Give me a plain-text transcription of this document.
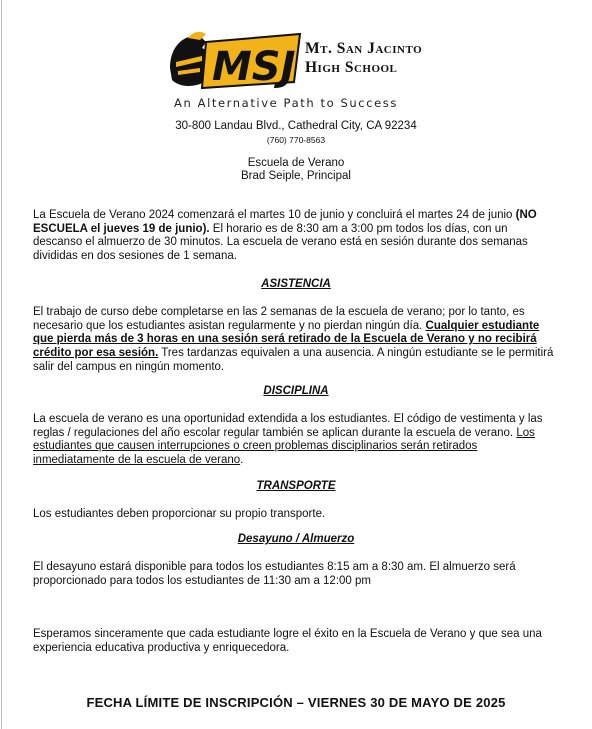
MSJ Mt. San Jacinto
High School
An Alternative Path to Success
30-800 Landau Blvd., Cathedral City, CA 92234
(760) 770-8563
Escuela de Verano
Brad Seiple, Principal
La Escuela de Verano 2024 comenzará el martes 10 de junio y concluirá el martes 24 de junio (NO ESCUELA el jueves 19 de junio). El horario es de 8:30 am a 3:00 pm todos los días, con un descanso el almuerzo de 30 minutos. La escuela de verano está en sesión durante dos semanas divididas en dos sesiones de 1 semana.
ASISTENCIA
El trabajo de curso debe completarse en las 2 semanas de la escuela de verano; por lo tanto, es necesario que los estudiantes asistan regularmente y no pierdan ningún día. Cualquier estudiante que pierda más de 3 horas en una sesión será retirado de la Escuela de Verano y no recibirá crédito por esa sesión. Tres tardanzas equivalen a una ausencia. A ningún estudiante se le permitirá salir del campus en ningún momento.
DISCIPLINA
La escuela de verano es una oportunidad extendida a los estudiantes. El código de vestimenta y las reglas / regulaciones del año escolar regular también se aplican durante la escuela de verano. Los estudiantes que causen interrupciones o creen problemas disciplinarios serán retirados inmediatamente de la escuela de verano.
TRANSPORTE
Los estudiantes deben proporcionar su propio transporte.
Desayuno / Almuerzo
El desayuno estará disponible para todos los estudiantes 8:15 am a 8:30 am. El almuerzo será proporcionado para todos los estudiantes de 11:30 am a 12:00 pm
Esperamos sinceramente que cada estudiante logre el éxito en la Escuela de Verano y que sea una experiencia educativa productiva y enriquecedora.
FECHA LÍMITE DE INSCRIPCIÓN – VIERNES 30 DE MAYO DE 2025
